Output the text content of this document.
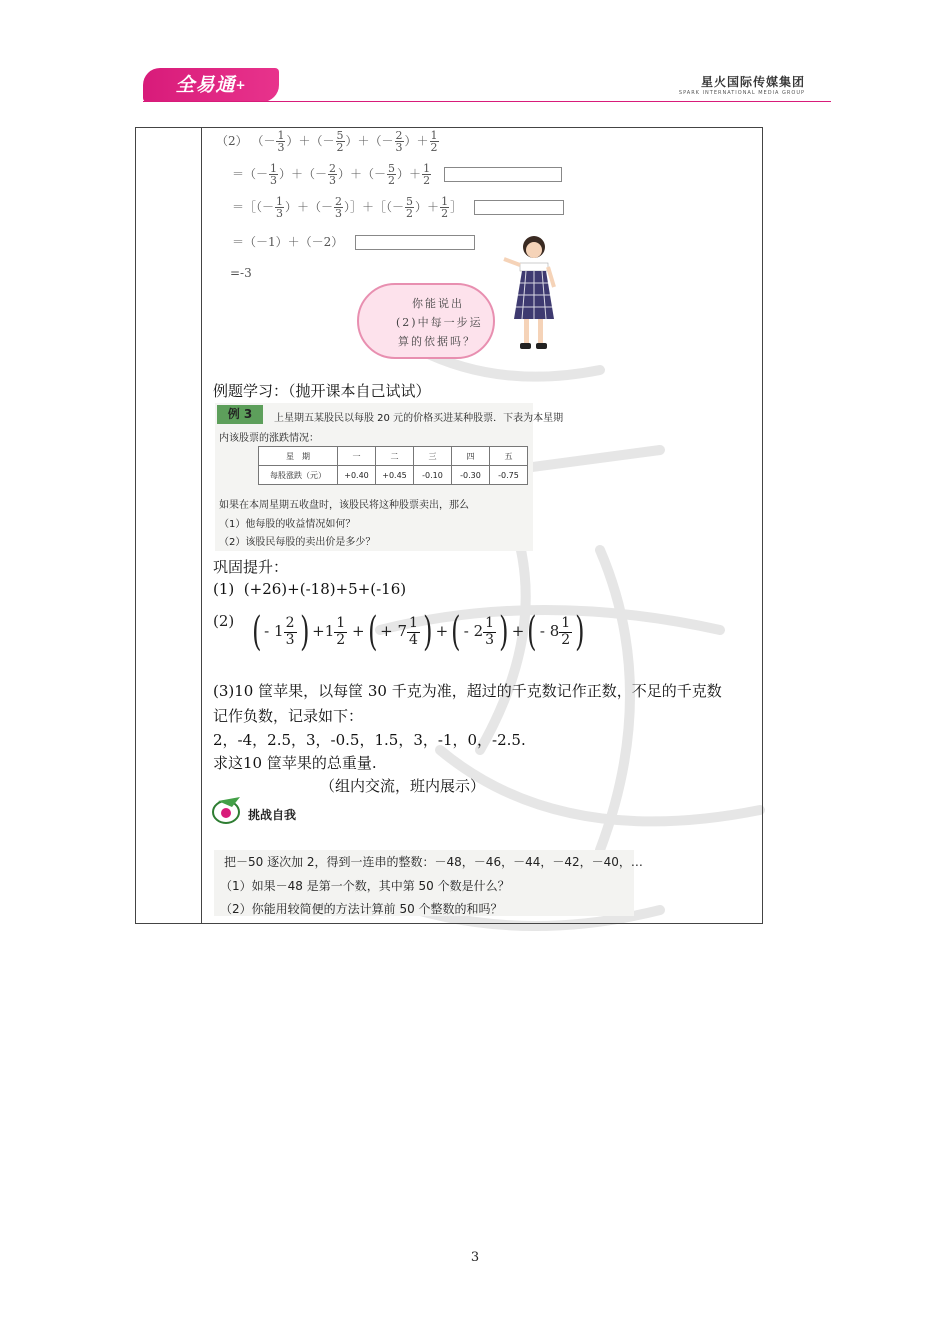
全易通+	星火国际传媒集团
SPARK INTERNATIONAL MEDIA GROUP
（2） （－ $\frac{1}{3}$ ）＋（－ $\frac{5}{2}$ ）＋（－ $\frac{2}{3}$ ）＋ $\frac{1}{2}$
＝（－ $\frac{1}{3}$ ）＋（－ $\frac{2}{3}$ ）＋（－ $\frac{5}{2}$ ）＋ $\frac{1}{2}$

＝［（－ $\frac{1}{3}$ ）＋（－ $\frac{2}{3}$ ）］＋［（－ $\frac{5}{2}$ ）＋ $\frac{1}{2}$ ］
＝（－1）＋（－2）
=-3
你能说出
(2)中每一步运
算的依据吗？
例题学习：（抛开课本自己试试）
例 3	上星期五某股民以每股 20 元的价格买进某种股票．下表为本星期
内该股票的涨跌情况：
星　期	一	二	三	四	五
每股涨跌（元）	+0.40	+0.45	-0.10	-0.30	-0.75
如果在本周星期五收盘时，该股民将这种股票卖出，那么
（1）他每股的收益情况如何？
（2）该股民每股的卖出价是多少？
巩固提升：
(1) (+26)+(-18)+5+(-16)
(2) ( - $1 \frac{2}{3}$ ) $+1 \frac{1}{2}$ +( + $7 \frac{1}{4}$ ) +( - $2 \frac{1}{3}$ ) +( - $8 \frac{1}{2}$ )
(3)10 筐苹果，以每筐 30 千克为准，超过的千克数记作正数，不足的千克数
记作负数，记录如下：
2，-4，2.5，3，-0.5，1.5，3，-1，0，-2.5.
求这10 筐苹果的总重量.
（组内交流，班内展示）
挑战自我
把－50 逐次加 2，得到一连串的整数：－48，－46，－44，－42，－40，…
（1）如果－48 是第一个数，其中第 50 个数是什么？
（2）你能用较简便的方法计算前 50 个整数的和吗？
3
